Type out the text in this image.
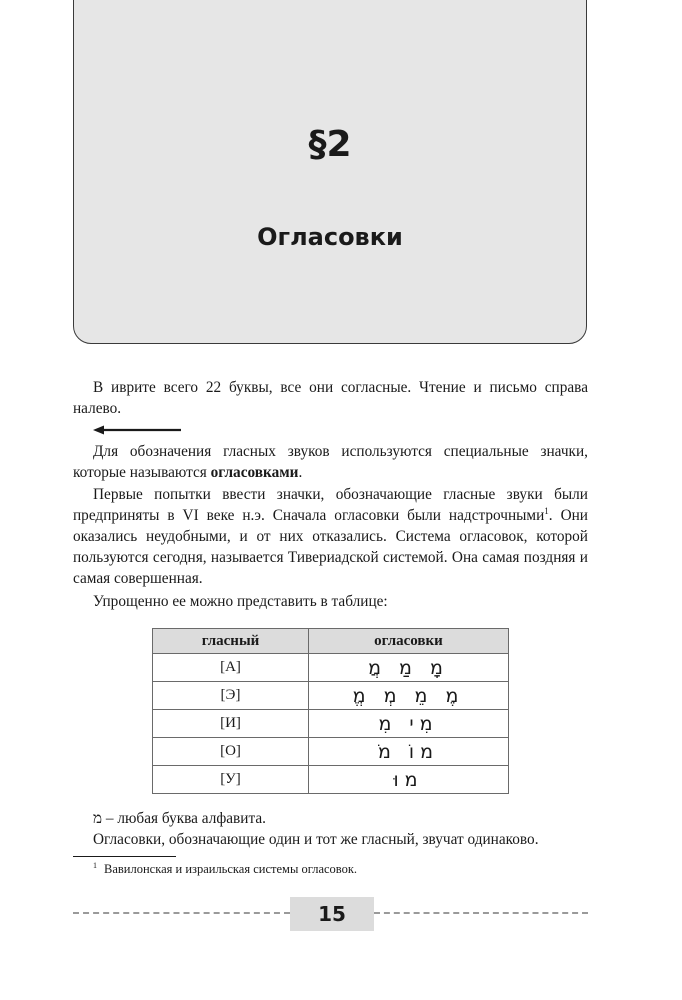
§2
Огласовки
В иврите всего 22 буквы, все они согласные. Чтение и письмо справа налево.
Для обозначения гласных звуков используются специальные значки, которые называются огласовками.
Первые попытки ввести значки, обозначающие гласные звуки были предприняты в VI веке н.э. Сначала огласовки были надстрочными$^1$. Они оказались неудобными, и от них отказались. Система огласовок, которой пользуются сегодня, называется Тивериадской системой. Она самая поздняя и самая совершенная.
Упрощенно ее можно представить в таблице:
гласный	огласовки
[А]	מָ מַ מֲ
[Э]	מֶ מֵ מְ מֱ
[И]	מִי מִ
[О]	מוֹ מֹ
[У]	מוּ
מ – любая буква алфавита.
Огласовки, обозначающие один и тот же гласный, звучат одинаково.
$^1$ Вавилонская и израильская системы огласовок.
15
